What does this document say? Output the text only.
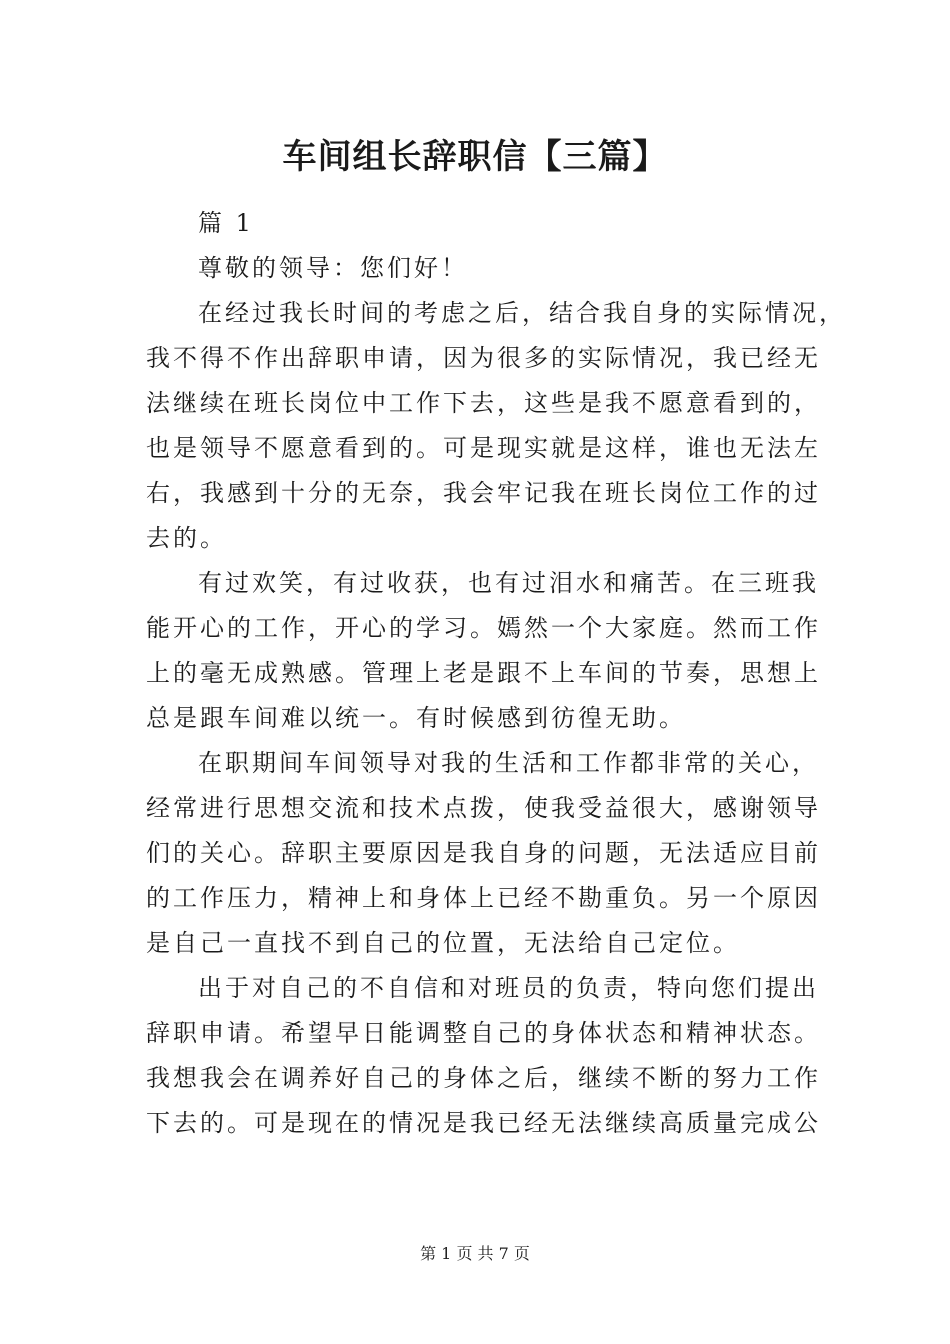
车间组长辞职信【三篇】
篇 1
尊敬的领导：您们好！
在经过我长时间的考虑之后，结合我自身的实际情况，
我不得不作出辞职申请，因为很多的实际情况，我已经无
法继续在班长岗位中工作下去，这些是我不愿意看到的，
也是领导不愿意看到的。可是现实就是这样，谁也无法左
右，我感到十分的无奈，我会牢记我在班长岗位工作的过
去的。
有过欢笑，有过收获，也有过泪水和痛苦。在三班我
能开心的工作，开心的学习。嫣然一个大家庭。然而工作
上的毫无成熟感。管理上老是跟不上车间的节奏，思想上
总是跟车间难以统一。有时候感到彷徨无助。
在职期间车间领导对我的生活和工作都非常的关心，
经常进行思想交流和技术点拨，使我受益很大，感谢领导
们的关心。辞职主要原因是我自身的问题，无法适应目前
的工作压力，精神上和身体上已经不勘重负。另一个原因
是自己一直找不到自己的位置，无法给自己定位。
出于对自己的不自信和对班员的负责，特向您们提出
辞职申请。希望早日能调整自己的身体状态和精神状态。
我想我会在调养好自己的身体之后，继续不断的努力工作
下去的。可是现在的情况是我已经无法继续高质量完成公
第 1 页 共 7 页
